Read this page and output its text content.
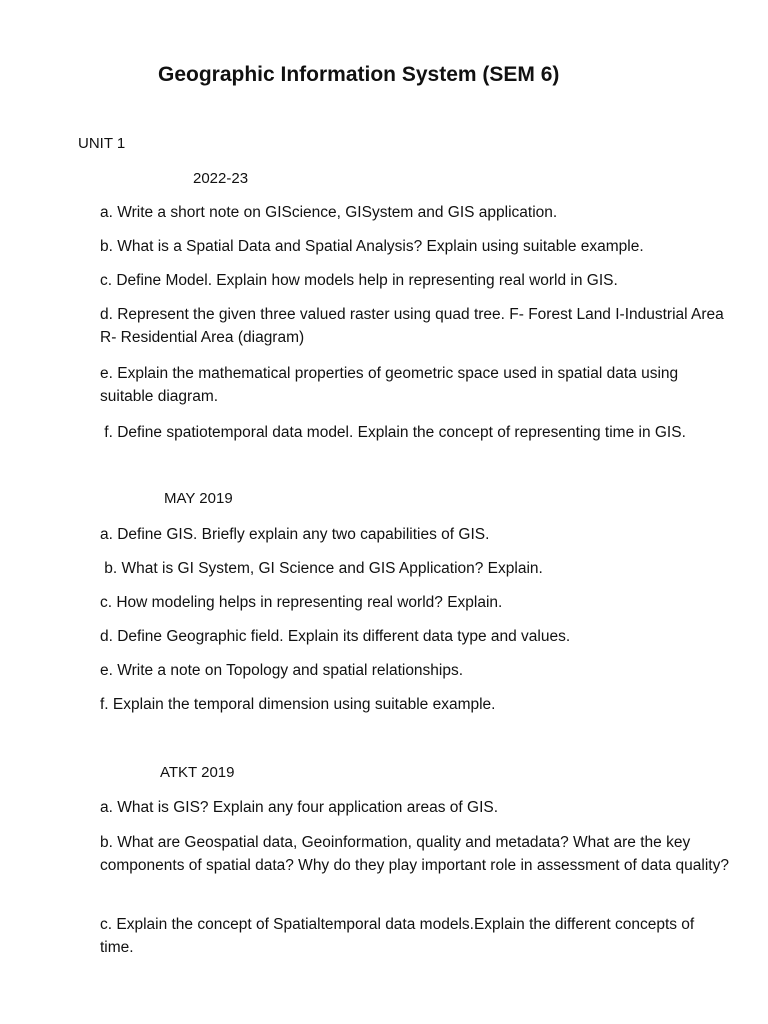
Geographic Information System (SEM 6)
UNIT 1
2022-23
a. Write a short note on GIScience, GISystem and GIS application.
b. What is a Spatial Data and Spatial Analysis? Explain using suitable example.
c. Define Model. Explain how models help in representing real world in GIS.
d. Represent the given three valued raster using quad tree. F- Forest Land I-Industrial Area R- Residential Area (diagram)
e. Explain the mathematical properties of geometric space used in spatial data using suitable diagram.
f. Define spatiotemporal data model. Explain the concept of representing time in GIS.
MAY 2019
a. Define GIS. Briefly explain any two capabilities of GIS.
b. What is GI System, GI Science and GIS Application? Explain.
c. How modeling helps in representing real world? Explain.
d. Define Geographic field. Explain its different data type and values.
e. Write a note on Topology and spatial relationships.
f. Explain the temporal dimension using suitable example.
ATKT 2019
a. What is GIS? Explain any four application areas of GIS.
b. What are Geospatial data, Geoinformation, quality and metadata? What are the key components of spatial data? Why do they play important role in assessment of data quality?
c. Explain the concept of Spatialtemporal data models.Explain the different concepts of time.
